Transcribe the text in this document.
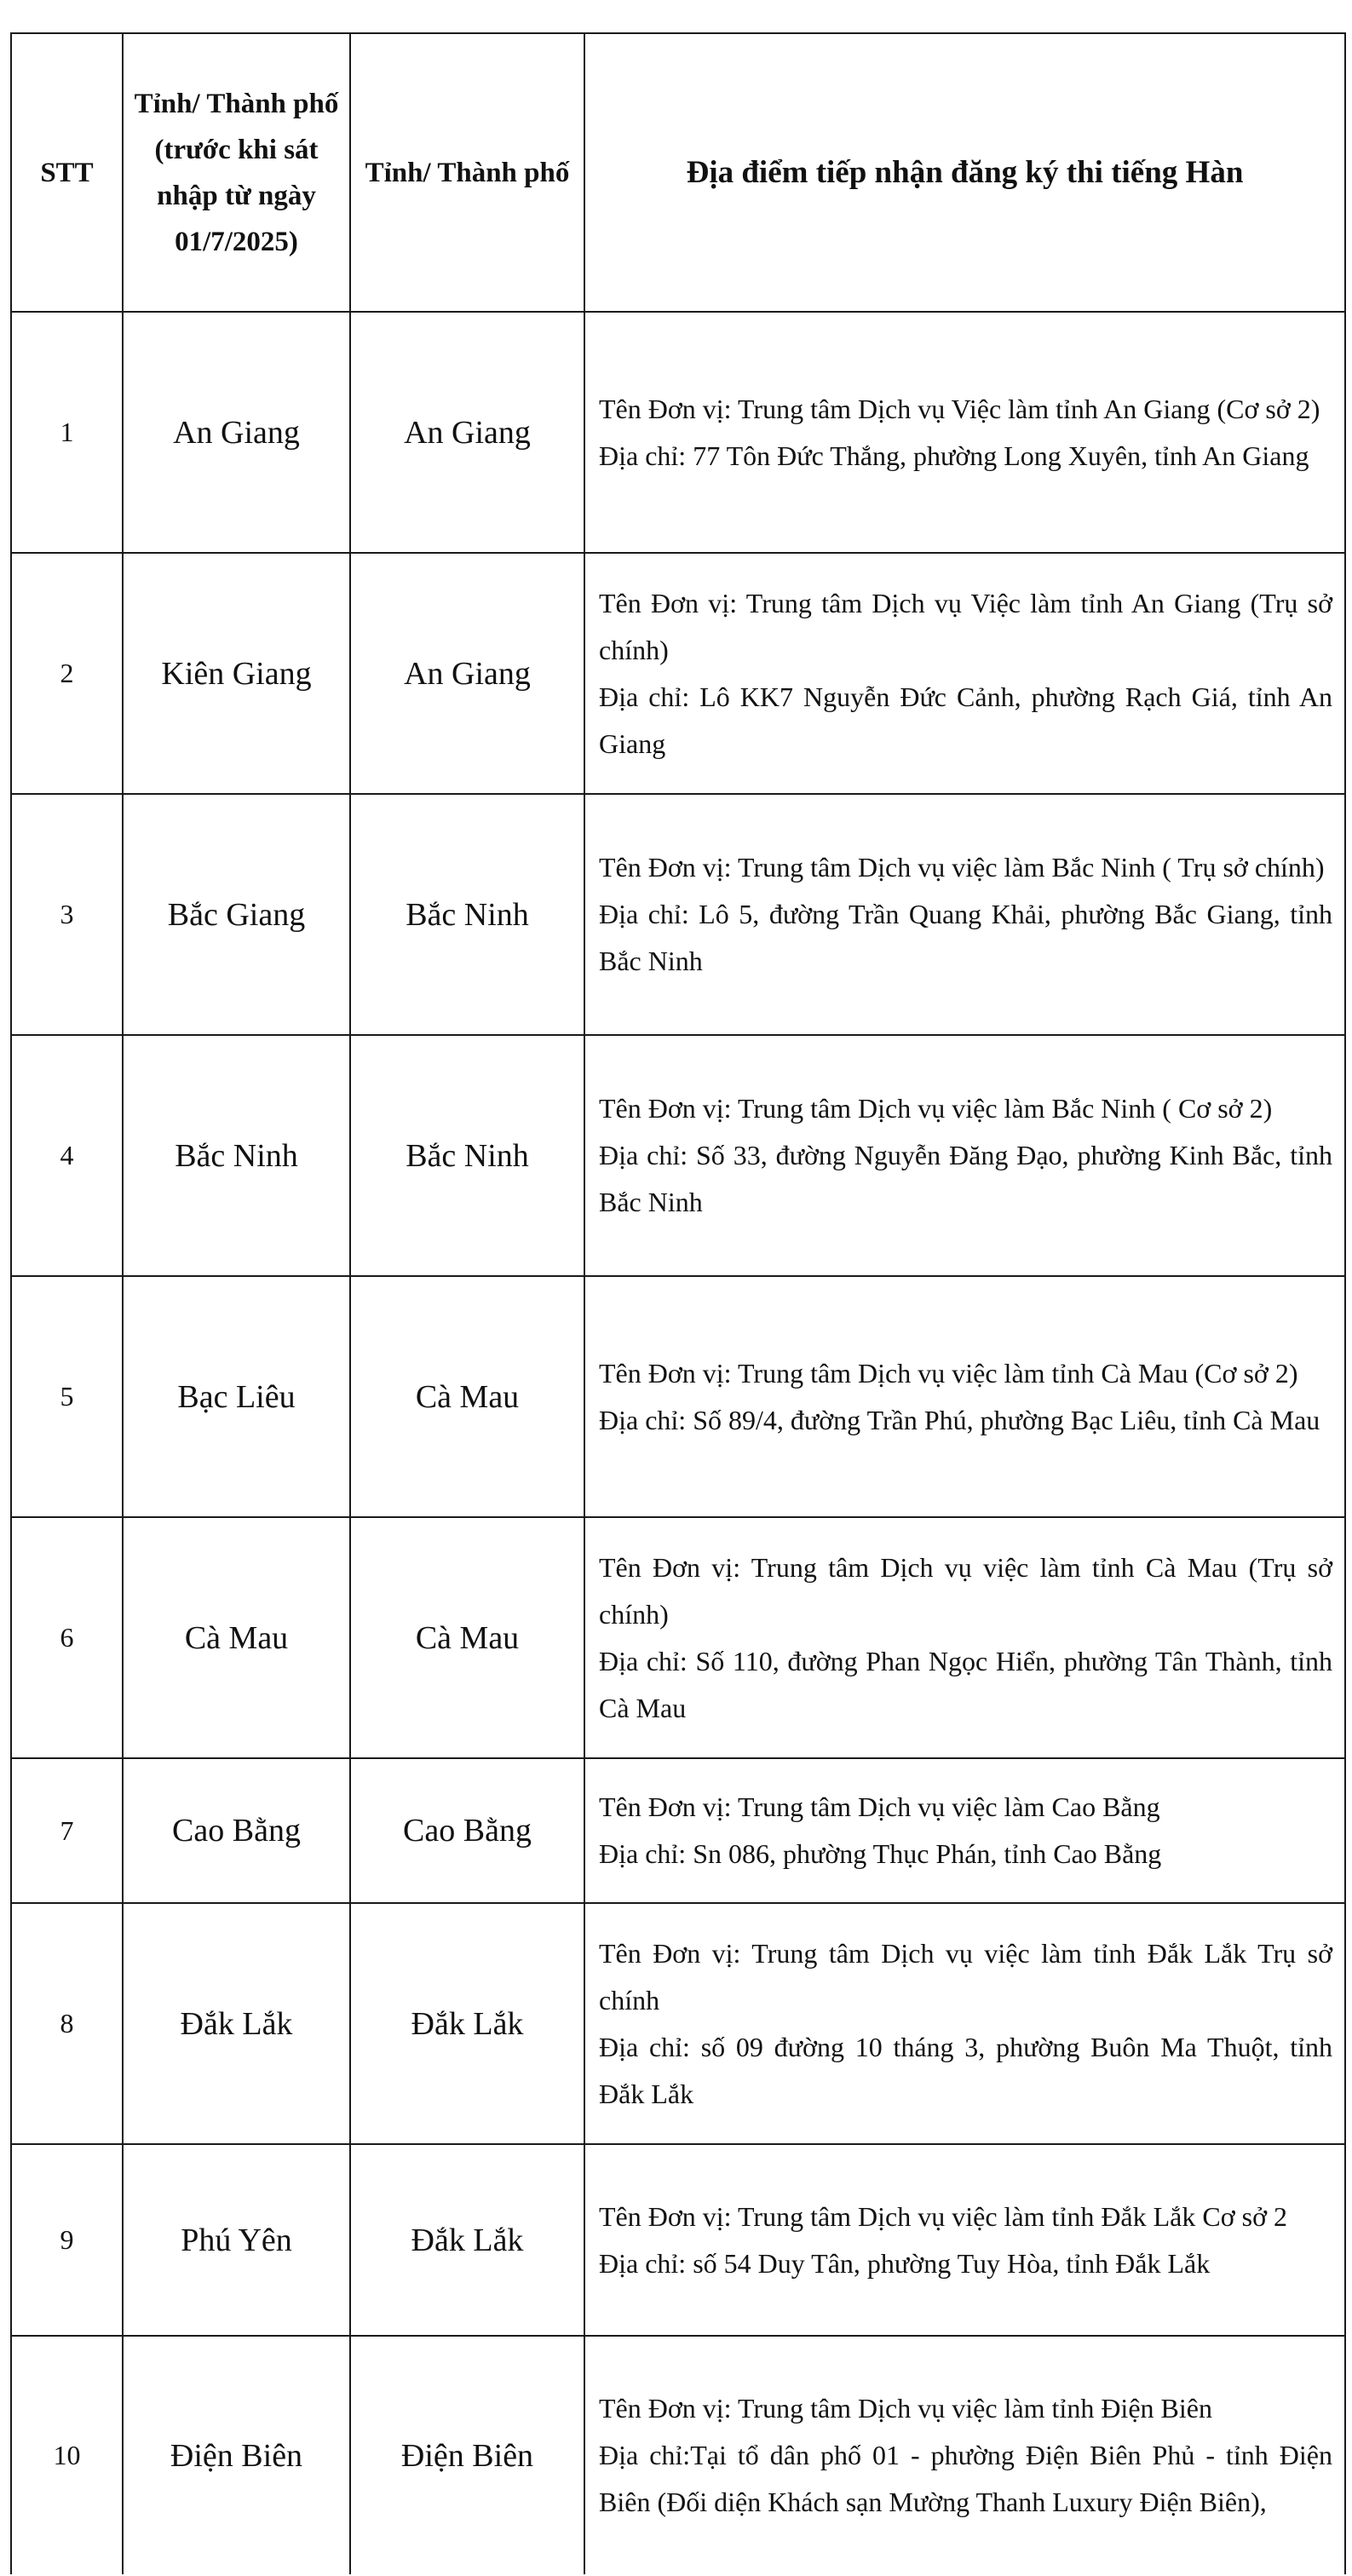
STT	Tỉnh/ Thành phố (trước khi sát nhập từ ngày 01/7/2025)	Tỉnh/ Thành phố	Địa điểm tiếp nhận đăng ký thi tiếng Hàn
1	An Giang	An Giang	Tên Đơn vị: Trung tâm Dịch vụ Việc làm tỉnh An Giang (Cơ sở 2)
Địa chỉ: 77 Tôn Đức Thắng, phường Long Xuyên, tỉnh An Giang

2	Kiên Giang	An Giang	Tên Đơn vị: Trung tâm Dịch vụ Việc làm tỉnh An Giang (Trụ sở chính)
Địa chỉ: Lô KK7 Nguyễn Đức Cảnh, phường Rạch Giá, tỉnh An Giang

3	Bắc Giang	Bắc Ninh	Tên Đơn vị: Trung tâm Dịch vụ việc làm Bắc Ninh ( Trụ sở chính)
Địa chỉ: Lô 5, đường Trần Quang Khải, phường Bắc Giang, tỉnh Bắc Ninh

4	Bắc Ninh	Bắc Ninh	Tên Đơn vị: Trung tâm Dịch vụ việc làm Bắc Ninh ( Cơ sở 2)
Địa chỉ: Số 33, đường Nguyễn Đăng Đạo, phường Kinh Bắc, tỉnh Bắc Ninh

5	Bạc Liêu	Cà Mau	Tên Đơn vị: Trung tâm Dịch vụ việc làm tỉnh Cà Mau (Cơ sở 2)
Địa chỉ: Số 89/4, đường Trần Phú, phường Bạc Liêu, tỉnh Cà Mau

6	Cà Mau	Cà Mau	Tên Đơn vị: Trung tâm Dịch vụ việc làm tỉnh Cà Mau (Trụ sở chính)
Địa chỉ: Số 110, đường Phan Ngọc Hiển, phường Tân Thành, tỉnh Cà Mau

7	Cao Bằng	Cao Bằng	Tên Đơn vị: Trung tâm Dịch vụ việc làm Cao Bằng
Địa chỉ: Sn 086, phường Thục Phán, tỉnh Cao Bằng

8	Đắk Lắk	Đắk Lắk	Tên Đơn vị: Trung tâm Dịch vụ việc làm tỉnh Đắk Lắk Trụ sở chính
Địa chỉ: số 09 đường 10 tháng 3, phường Buôn Ma Thuột, tỉnh Đắk Lắk

9	Phú Yên	Đắk Lắk	Tên Đơn vị: Trung tâm Dịch vụ việc làm tỉnh Đắk Lắk Cơ sở 2
Địa chỉ: số 54 Duy Tân, phường Tuy Hòa, tỉnh Đắk Lắk

10	Điện Biên	Điện Biên	Tên Đơn vị: Trung tâm Dịch vụ việc làm tỉnh Điện Biên
Địa chỉ:Tại tổ dân phố 01 - phường Điện Biên Phủ - tỉnh Điện Biên (Đối diện Khách sạn Mường Thanh Luxury Điện Biên),
